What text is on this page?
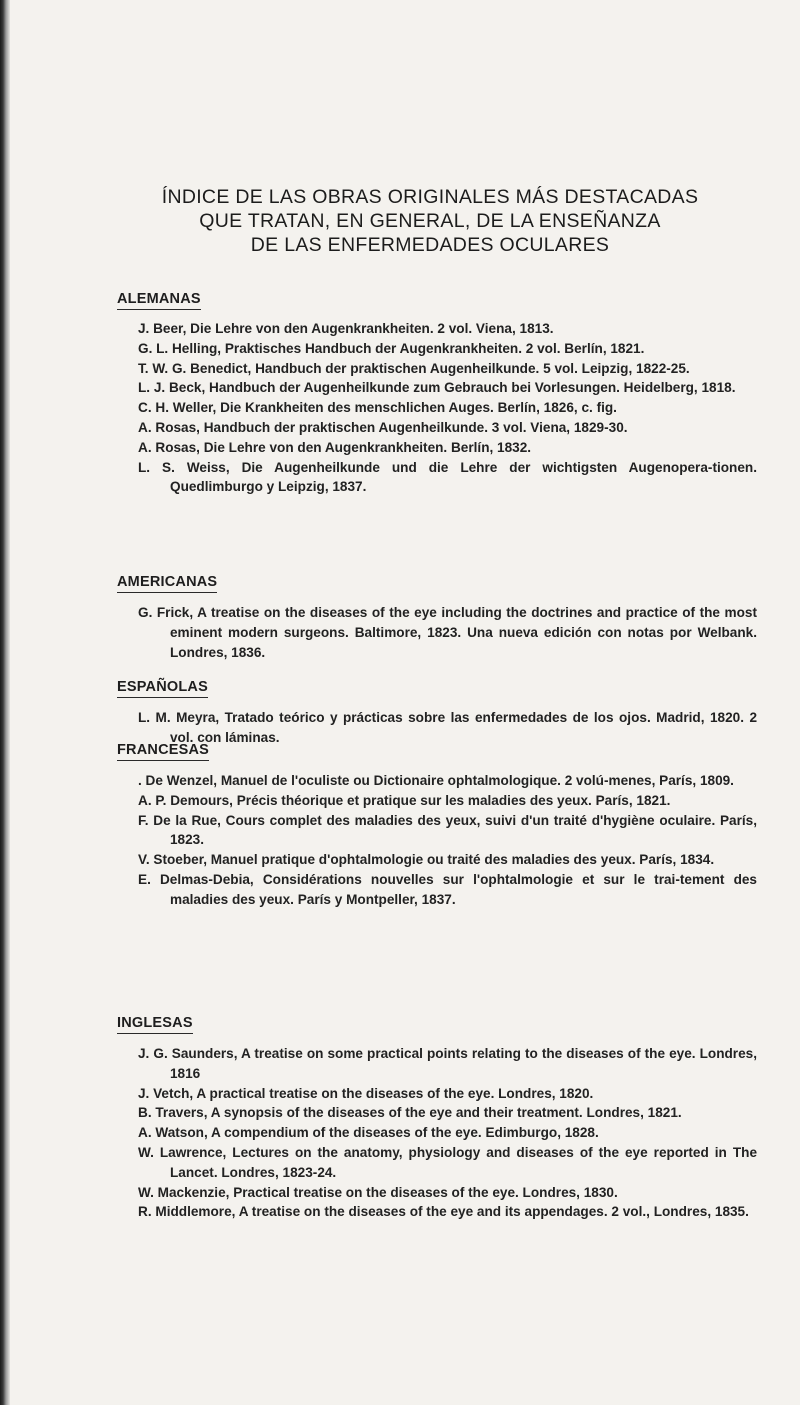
ÍNDICE DE LAS OBRAS ORIGINALES MÁS DESTACADAS
QUE TRATAN, EN GENERAL, DE LA ENSEÑANZA
DE LAS ENFERMEDADES OCULARES
ALEMANAS
J. Beer, Die Lehre von den Augenkrankheiten. 2 vol. Viena, 1813.
G. L. Helling, Praktisches Handbuch der Augenkrankheiten. 2 vol. Berlín, 1821.
T. W. G. Benedict, Handbuch der praktischen Augenheilkunde. 5 vol. Leipzig, 1822-25.
L. J. Beck, Handbuch der Augenheilkunde zum Gebrauch bei Vorlesungen. Heidelberg, 1818.
C. H. Weller, Die Krankheiten des menschlichen Auges. Berlín, 1826, c. fig.
A. Rosas, Handbuch der praktischen Augenheilkunde. 3 vol. Viena, 1829-30.
A. Rosas, Die Lehre von den Augenkrankheiten. Berlín, 1832.
L. S. Weiss, Die Augenheilkunde und die Lehre der wichtigsten Augenopera-tionen. Quedlimburgo y Leipzig, 1837.
AMERICANAS
G. Frick, A treatise on the diseases of the eye including the doctrines and practice of the most eminent modern surgeons. Baltimore, 1823. Una nueva edición con notas por Welbank. Londres, 1836.
ESPAÑOLAS
L. M. Meyra, Tratado teórico y prácticas sobre las enfermedades de los ojos. Madrid, 1820. 2 vol. con láminas.
FRANCESAS
. De Wenzel, Manuel de l'oculiste ou Dictionaire ophtalmologique. 2 volú-menes, París, 1809.
A. P. Demours, Précis théorique et pratique sur les maladies des yeux. París, 1821.
F. De la Rue, Cours complet des maladies des yeux, suivi d'un traité d'hygiène oculaire. París, 1823.
V. Stoeber, Manuel pratique d'ophtalmologie ou traité des maladies des yeux. París, 1834.
E. Delmas-Debia, Considérations nouvelles sur l'ophtalmologie et sur le trai-tement des maladies des yeux. París y Montpeller, 1837.
INGLESAS
J. G. Saunders, A treatise on some practical points relating to the diseases of the eye. Londres, 1816
J. Vetch, A practical treatise on the diseases of the eye. Londres, 1820.
B. Travers, A synopsis of the diseases of the eye and their treatment. Londres, 1821.
A. Watson, A compendium of the diseases of the eye. Edimburgo, 1828.
W. Lawrence, Lectures on the anatomy, physiology and diseases of the eye reported in The Lancet. Londres, 1823-24.
W. Mackenzie, Practical treatise on the diseases of the eye. Londres, 1830.
R. Middlemore, A treatise on the diseases of the eye and its appendages. 2 vol., Londres, 1835.
